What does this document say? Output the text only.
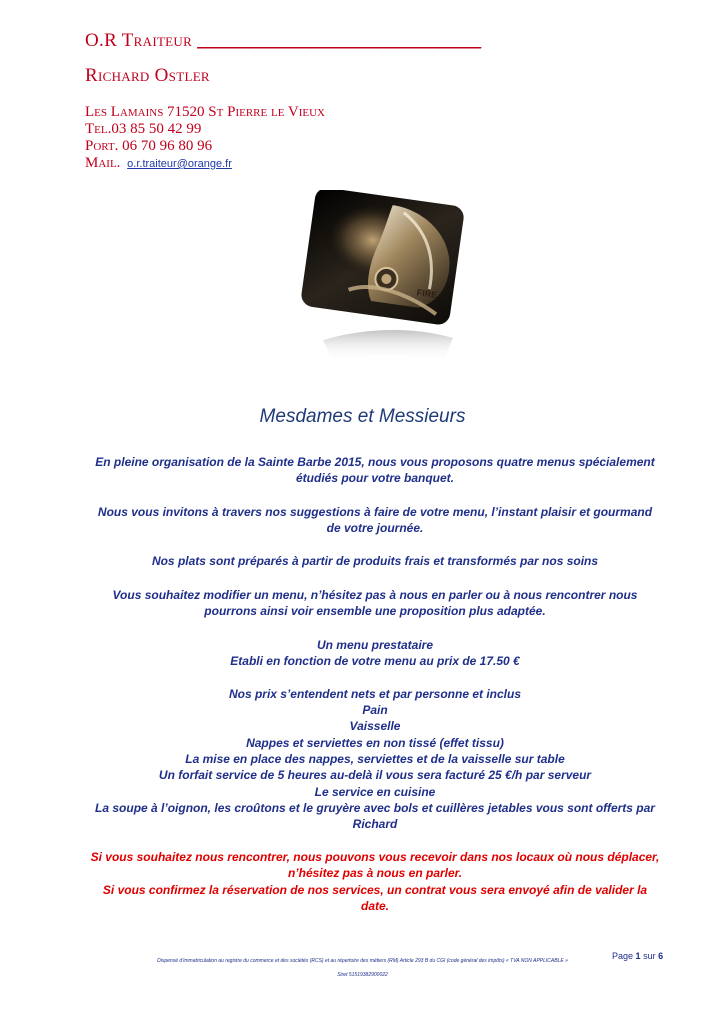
O.R Traiteur _____________________________
Richard Ostler
Les Lamains 71520 St Pierre le Vieux
Tel.03 85 50 42 99
Port. 06 70 96 80 96
Mail. o.r.traiteur@orange.fr
FIRE
Mesdames et Messieurs
En pleine organisation de la Sainte Barbe 2015, nous vous proposons quatre menus spécialement étudiés pour votre banquet.
Nous vous invitons à travers nos suggestions à faire de votre menu, l’instant plaisir et gourmand de votre journée.
Nos plats sont préparés à partir de produits frais et transformés par nos soins
Vous souhaitez modifier un menu, n’hésitez pas à nous en parler ou à nous rencontrer nous pourrons ainsi voir ensemble une proposition plus adaptée.
Un menu prestataire
Etabli en fonction de votre menu au prix de 17.50 €
Nos prix s’entendent nets et par personne et inclus
Pain
Vaisselle
Nappes et serviettes en non tissé (effet tissu)
La mise en place des nappes, serviettes et de la vaisselle sur table
Un forfait service de 5 heures au-delà il vous sera facturé 25 €/h par serveur
Le service en cuisine
La soupe à l’oignon, les croûtons et le gruyère avec bols et cuillères jetables vous sont offerts par Richard
Si vous souhaitez nous rencontrer, nous pouvons vous recevoir dans nos locaux où nous déplacer, n’hésitez pas à nous en parler.
Si vous confirmez la réservation de nos services, un contrat vous sera envoyé afin de valider la date.
Page 1 sur 6
Dispensé d’immatriculation au registre du commerce et des sociétés (RCS) et au répertoire des métiers (RM) Article 293 B du CGI (code général des impôts) « TVA NON APPLICABLE »
Siret 51519382900022
